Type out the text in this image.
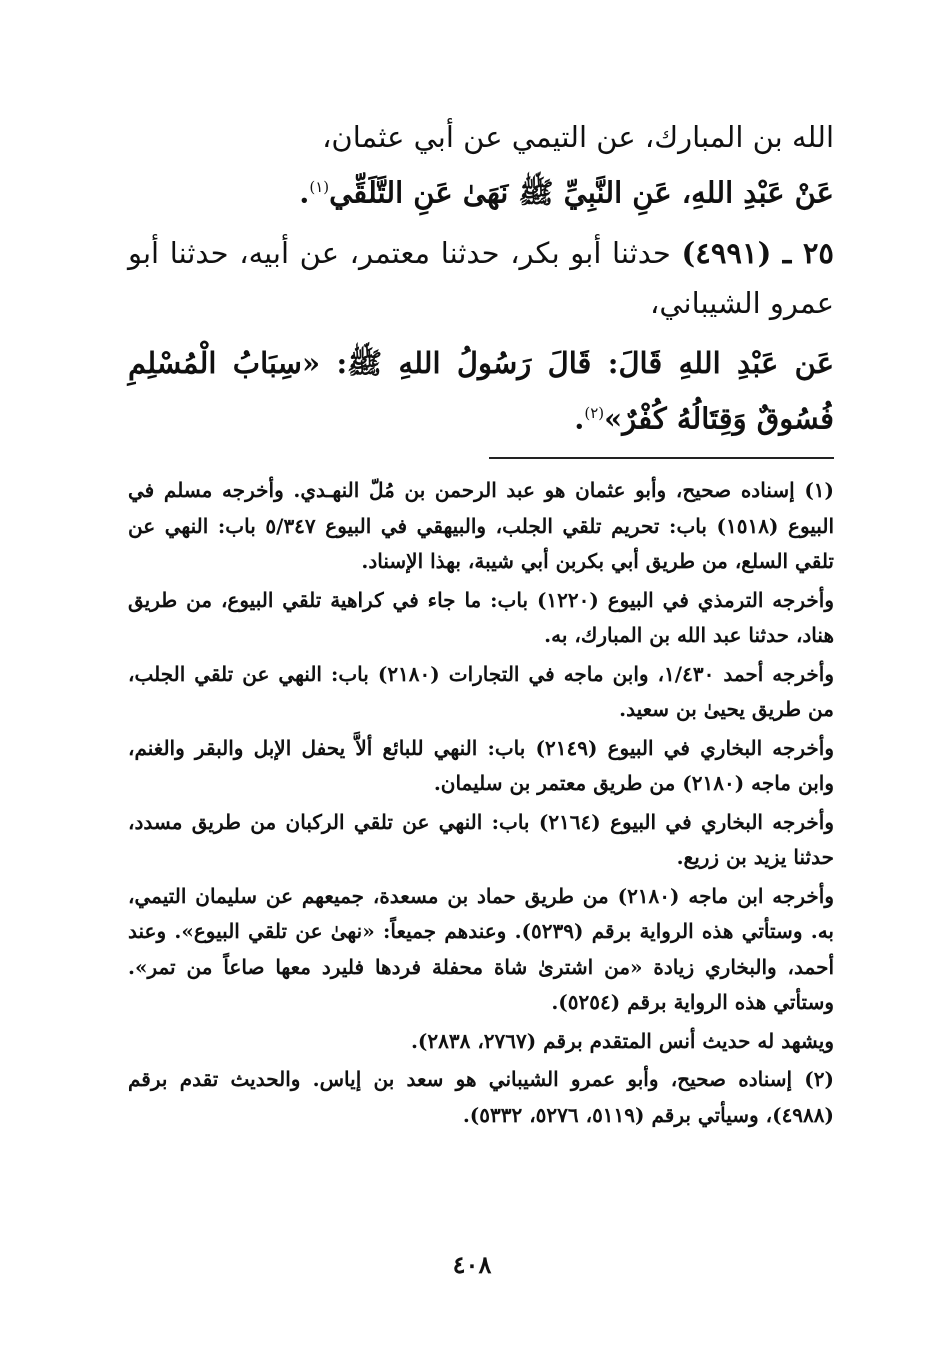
الله بن المبارك، عن التيمي عن أبي عثمان،

عَنْ عَبْدِ اللهِ، عَنِ النَّبِيِّ ﷺ نَهَىٰ عَنِ التَّلَقِّي$^{(١)}$.

٢٥ ـ (٤٩٩١) حدثنا أبو بكر، حدثنا معتمر، عن أبيه، حدثنا أبو عمرو الشيباني،

عَن عَبْدِ اللهِ قَالَ: قَالَ رَسُولُ اللهِ ﷺ: «سِبَابُ الْمُسْلِمِ فُسُوقٌ وَقِتَالُهُ كُفْرٌ»$^{(٢)}$.

(١) إسناده صحيح، وأبو عثمان هو عبد الرحمن بن مُلّ النهـدي. وأخرجه مسلم في البيوع (١٥١٨) باب: تحريم تلقي الجلب، والبيهقي في البيوع ٥/٣٤٧ باب: النهي عن تلقي السلع، من طريق أبي بكربن أبي شيبة، بهذا الإسناد.

وأخرجه الترمذي في البيوع (١٢٢٠) باب: ما جاء في كراهية تلقي البيوع، من طريق هناد، حدثنا عبد الله بن المبارك، به.

وأخرجه أحمد ١/٤٣٠، وابن ماجه في التجارات (٢١٨٠) باب: النهي عن تلقي الجلب، من طريق يحيىٰ بن سعيد.

وأخرجه البخاري في البيوع (٢١٤٩) باب: النهي للبائع ألاَّ يحفل الإبل والبقر والغنم، وابن ماجه (٢١٨٠) من طريق معتمر بن سليمان.

وأخرجه البخاري في البيوع (٢١٦٤) باب: النهي عن تلقي الركبان من طريق مسدد، حدثنا يزيد بن زريع.

وأخرجه ابن ماجه (٢١٨٠) من طريق حماد بن مسعدة، جميعهم عن سليمان التيمي، به. وستأتي هذه الرواية برقم (٥٢٣٩). وعندهم جميعاً: «نهىٰ عن تلقي البيوع». وعند أحمد، والبخاري زيادة «من اشترىٰ شاة محفلة فردها فليرد معها صاعاً من تمر». وستأتي هذه الرواية برقم (٥٢٥٤).

ويشهد له حديث أنس المتقدم برقم (٢٧٦٧، ٢٨٣٨).

(٢) إسناده صحيح، وأبو عمرو الشيباني هو سعد بن إياس. والحديث تقدم برقم (٤٩٨٨)، وسيأتي برقم (٥١١٩، ٥٢٧٦، ٥٣٣٢).

٤٠٨
